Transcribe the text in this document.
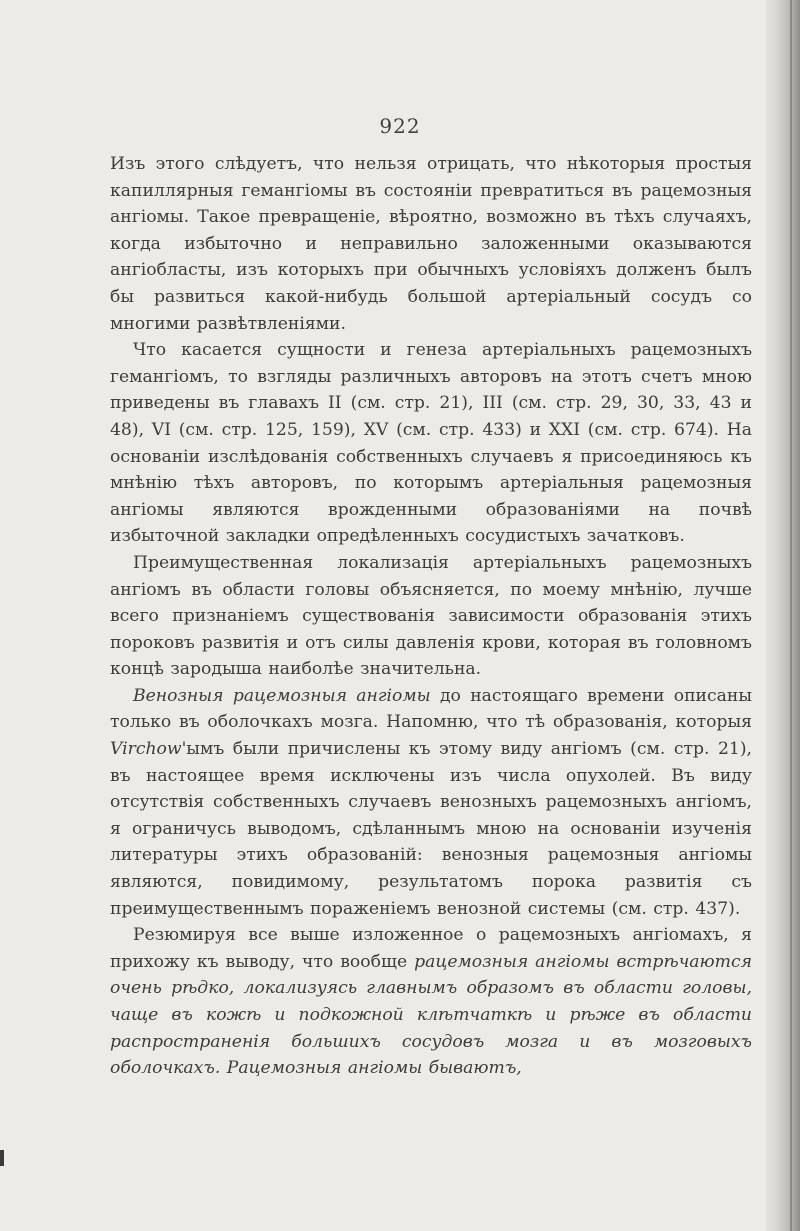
922

Изъ этого слѣдуетъ, что нельзя отрицать, что нѣкоторыя простыя капиллярныя гемангіомы въ состояніи превратиться въ рацемозныя ангіомы. Такое превращеніе, вѣроятно, возможно въ тѣхъ случаяхъ, когда избыточно и неправильно заложенными оказываются ангіобласты, изъ которыхъ при обычныхъ условіяхъ долженъ былъ бы развиться какой-нибудь большой артеріальный сосудъ со многими развѣтвленіями.

Что касается сущности и генеза артеріальныхъ рацемозныхъ гемангіомъ, то взгляды различныхъ авторовъ на этотъ счетъ мною приведены въ главахъ II (см. стр. 21), III (см. стр. 29, 30, 33, 43 и 48), VI (см. стр. 125, 159), XV (см. стр. 433) и XXI (см. стр. 674). На основаніи изслѣдованія собственныхъ случаевъ я присоединяюсь къ мнѣнію тѣхъ авторовъ, по которымъ артеріальныя рацемозныя ангіомы являются врожденными образованіями на почвѣ избыточной закладки опредѣленныхъ сосудистыхъ зачатковъ.

Преимущественная локализація артеріальныхъ рацемозныхъ ангіомъ въ области головы объясняется, по моему мнѣнію, лучше всего признаніемъ существованія зависимости образованія этихъ пороковъ развитія и отъ силы давленія крови, которая въ головномъ концѣ зародыша наиболѣе значительна.

Венозныя рацемозныя ангіомы до настоящаго времени описаны только въ оболочкахъ мозга. Напомню, что тѣ образованія, которыя Virchow'ымъ были причислены къ этому виду ангіомъ (см. стр. 21), въ настоящее время исключены изъ числа опухолей. Въ виду отсутствія собственныхъ случаевъ венозныхъ рацемозныхъ ангіомъ, я ограничусь выводомъ, сдѣланнымъ мною на основаніи изученія литературы этихъ образованій: венозныя рацемозныя ангіомы являются, повидимому, результатомъ порока развитія съ преимущественнымъ пораженіемъ венозной системы (см. стр. 437).

Резюмируя все выше изложенное о рацемозныхъ ангіомахъ, я прихожу къ выводу, что вообще рацемозныя ангіомы встрѣчаются очень рѣдко, локализуясь главнымъ образомъ въ области головы, чаще въ кожѣ и подкожной клѣтчаткѣ и рѣже въ области распространенія большихъ сосудовъ мозга и въ мозговыхъ оболочкахъ. Рацемозныя ангіомы бываютъ,
